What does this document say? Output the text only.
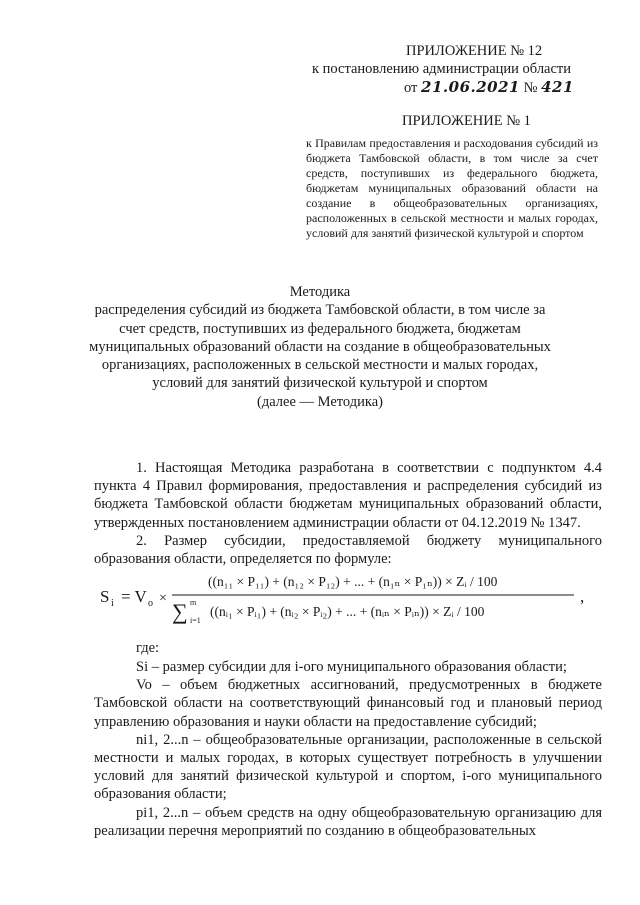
ПРИЛОЖЕНИЕ № 12
к постановлению администрации области
от 21.06.2021 № 421
ПРИЛОЖЕНИЕ № 1
к Правилам предоставления и расходования субсидий из бюджета Тамбовской области, в том числе за счет средств, поступивших из федерального бюджета, бюджетам муниципальных образований области на создание в общеобразовательных организациях, расположенных в сельской местности и малых городах, условий для занятий физической культурой и спортом
Методика
распределения субсидий из бюджета Тамбовской области, в том числе за
счет средств, поступивших из федерального бюджета, бюджетам
муниципальных образований области на создание в общеобразовательных
организациях, расположенных в сельской местности и малых городах,
условий для занятий физической культурой и спортом
(далее — Методика)
1. Настоящая Методика разработана в соответствии с подпунктом 4.4 пункта 4 Правил формирования, предоставления и распределения субсидий из бюджета Тамбовской области бюджетам муниципальных образований области, утвержденных постановлением администрации области от 04.12.2019 № 1347.
2. Размер субсидии, предоставляемой бюджету муниципального образования области, определяется по формуле:
S i = V o ×
((n₁₁ × P₁₁) + (n₁₂ × P₁₂) + ... + (n₁ₙ × P₁ₙ)) × Zᵢ / 100
∑ m
i=1
((nᵢ₁ × Pᵢ₁) + (nᵢ₂ × Pᵢ₂) + ... + (nᵢₙ × Pᵢₙ)) × Zᵢ / 100
,
где:

Si – размер субсидии для i-ого муниципального образования области;

Vo – объем бюджетных ассигнований, предусмотренных в бюджете Тамбовской области на соответствующий финансовый год и плановый период управлению образования и науки области на предоставление субсидий;

ni1, 2...n – общеобразовательные организации, расположенные в сельской местности и малых городах, в которых существует потребность в улучшении условий для занятий физической культурой и спортом, i-ого муниципального образования области;

pi1, 2...n – объем средств на одну общеобразовательную организацию для реализации перечня мероприятий по созданию в общеобразовательных
